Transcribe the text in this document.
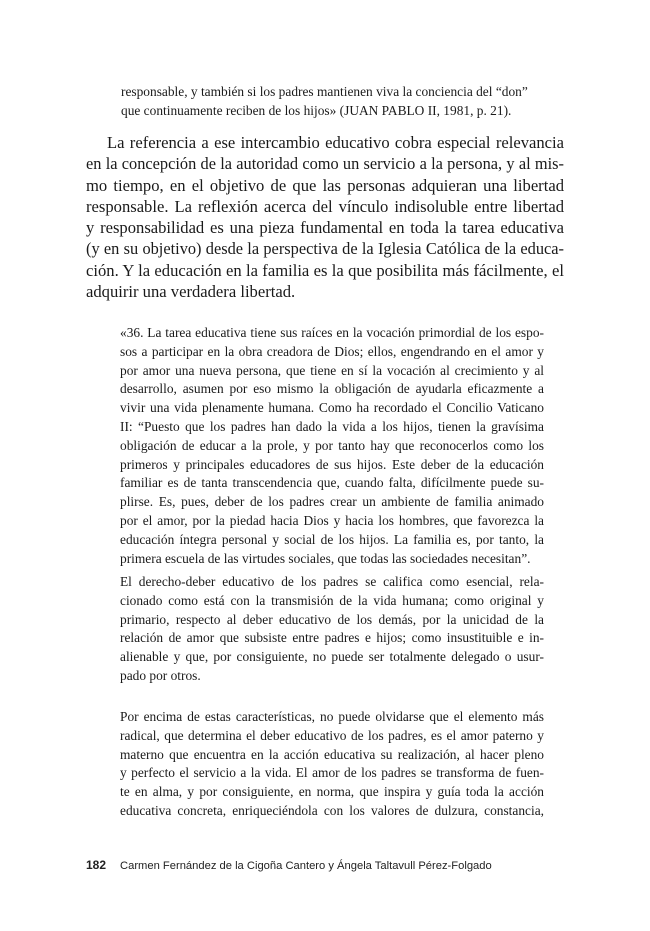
responsable, y también si los padres mantienen viva la conciencia del “don”
que continuamente reciben de los hijos» (JUAN PABLO II, 1981, p. 21).
La referencia a ese intercambio educativo cobra especial relevancia
en la concepción de la autoridad como un servicio a la persona, y al mis-
mo tiempo, en el objetivo de que las personas adquieran una libertad
responsable. La reflexión acerca del vínculo indisoluble entre libertad
y responsabilidad es una pieza fundamental en toda la tarea educativa
(y en su objetivo) desde la perspectiva de la Iglesia Católica de la educa-
ción. Y la educación en la familia es la que posibilita más fácilmente, el
adquirir una verdadera libertad.
«36. La tarea educativa tiene sus raíces en la vocación primordial de los espo-
sos a participar en la obra creadora de Dios; ellos, engendrando en el amor y
por amor una nueva persona, que tiene en sí la vocación al crecimiento y al
desarrollo, asumen por eso mismo la obligación de ayudarla eficazmente a
vivir una vida plenamente humana. Como ha recordado el Concilio Vaticano
II: “Puesto que los padres han dado la vida a los hijos, tienen la gravísima
obligación de educar a la prole, y por tanto hay que reconocerlos como los
primeros y principales educadores de sus hijos. Este deber de la educación
familiar es de tanta transcendencia que, cuando falta, difícilmente puede su-
plirse. Es, pues, deber de los padres crear un ambiente de familia animado
por el amor, por la piedad hacia Dios y hacia los hombres, que favorezca la
educación íntegra personal y social de los hijos. La familia es, por tanto, la
primera escuela de las virtudes sociales, que todas las sociedades necesitan”.
El derecho-deber educativo de los padres se califica como esencial, rela-
cionado como está con la transmisión de la vida humana; como original y
primario, respecto al deber educativo de los demás, por la unicidad de la
relación de amor que subsiste entre padres e hijos; como insustituible e in-
alienable y que, por consiguiente, no puede ser totalmente delegado o usur-
pado por otros.
Por encima de estas características, no puede olvidarse que el elemento más
radical, que determina el deber educativo de los padres, es el amor paterno y
materno que encuentra en la acción educativa su realización, al hacer pleno
y perfecto el servicio a la vida. El amor de los padres se transforma de fuen-
te en alma, y por consiguiente, en norma, que inspira y guía toda la acción
educativa concreta, enriqueciéndola con los valores de dulzura, constancia,
182 Carmen Fernández de la Cigoña Cantero y Ángela Taltavull Pérez-Folgado
